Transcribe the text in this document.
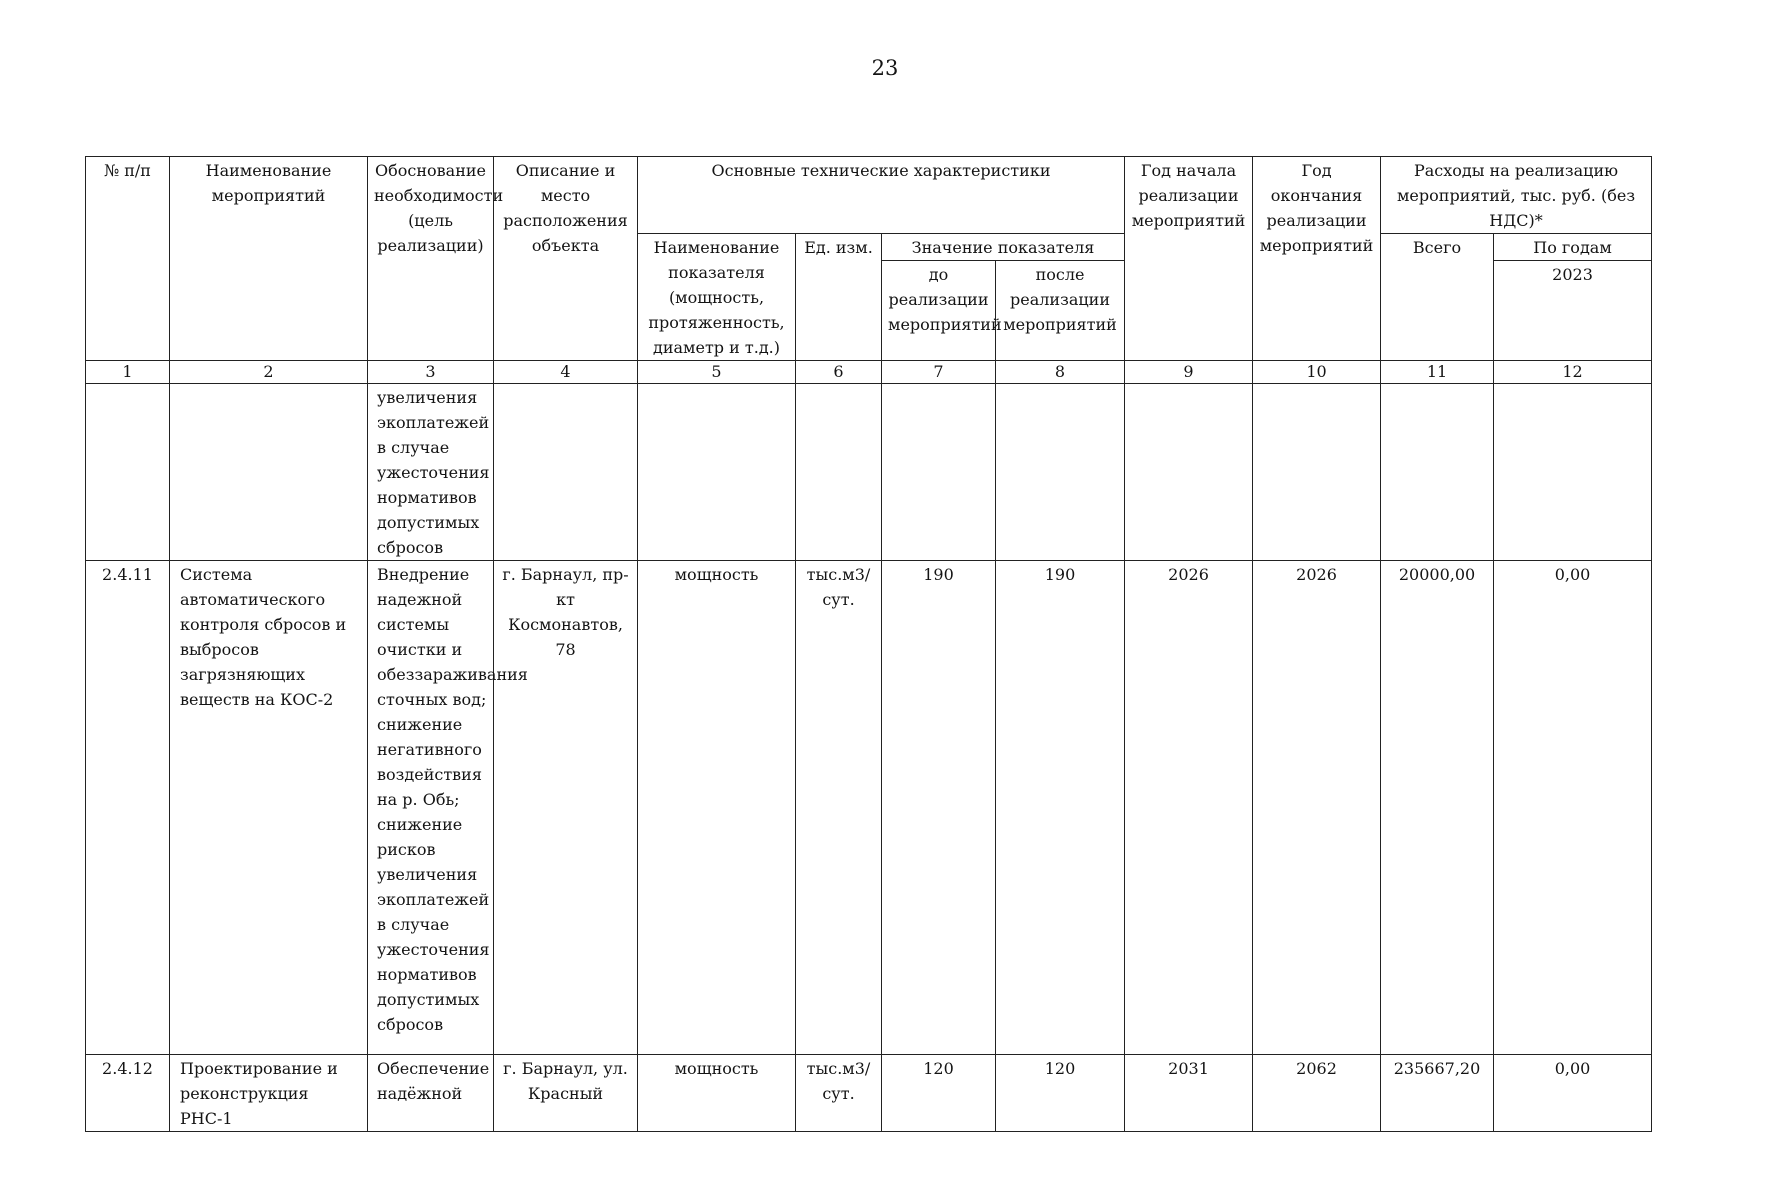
23
№ п/п	Наименование мероприятий	Обоснование необходимости (цель реализации)	Описание и место расположения объекта	Основные технические характеристики				Год начала реализации мероприятий	Год окончания реализации мероприятий	Расходы на реализацию мероприятий, тыс. руб. (без НДС)*	
				Наименование показателя (мощность, протяженность, диаметр и т.д.)	Ед. изм.	Значение показателя				Всего	По годам
						до реализации мероприятий	после реализации мероприятий				2023
1	2	3	4	5	6	7	8	9	10	11	12
		увеличения экоплатежей в случае ужесточения нормативов допустимых сбросов									
2.4.11	Система автоматического контроля сбросов и выбросов загрязняющих веществ на КОС-2	Внедрение надежной системы очистки и обеззараживания сточных вод; снижение негативного воздействия на р. Обь; снижение рисков увеличения экоплатежей в случае ужесточения нормативов допустимых сбросов	г. Барнаул, пр-кт Космонавтов, 78	мощность	тыс.м3/ сут.	190	190	2026	2026	20000,00	0,00
2.4.12	Проектирование и реконструкция РНС-1	Обеспечение надёжной	г. Барнаул, ул. Красный	мощность	тыс.м3/ сут.	120	120	2031	2062	235667,20	0,00
